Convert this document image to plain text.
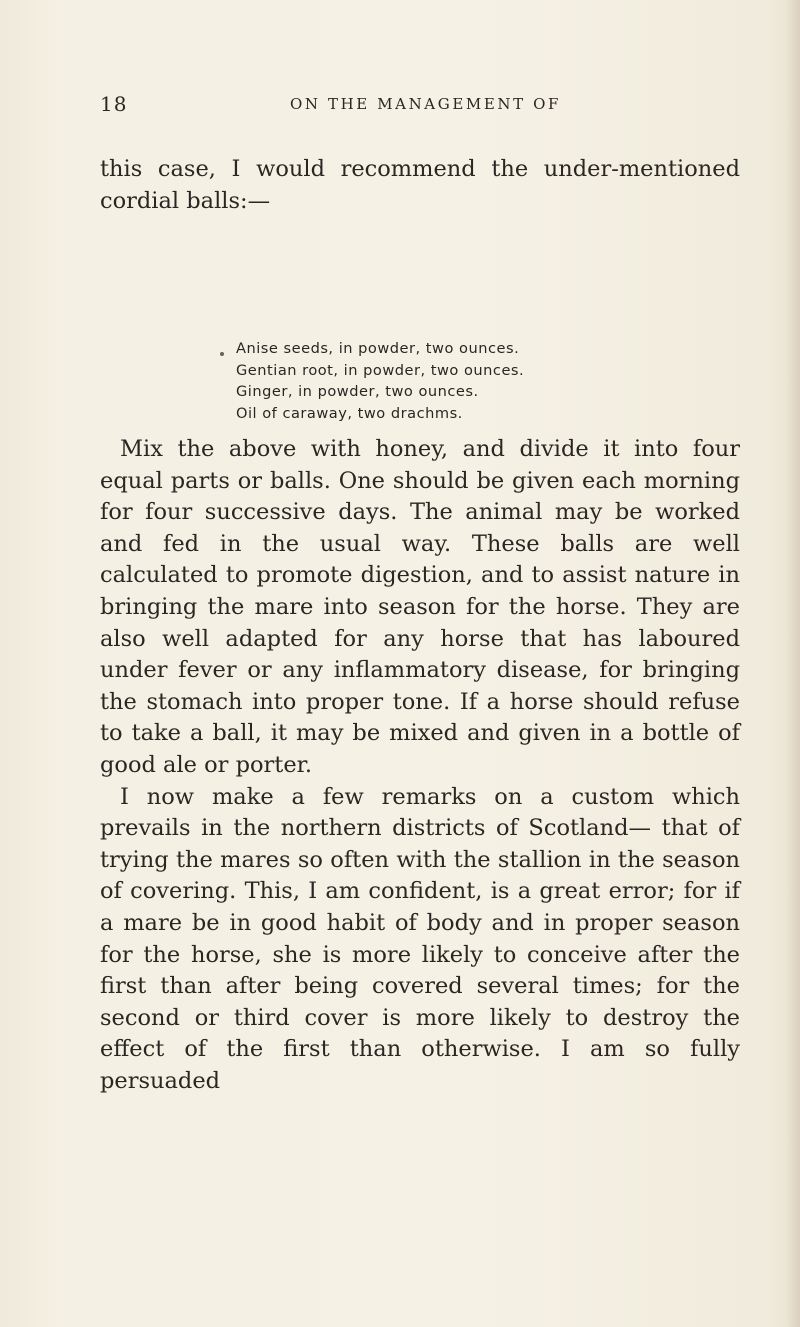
18	ON THE MANAGEMENT OF

this case, I would recommend the under-mentioned cordial balls:—

Anise seeds, in powder, two ounces.
Gentian root, in powder, two ounces.
Ginger, in powder, two ounces.
Oil of caraway, two drachms.

Mix the above with honey, and divide it into four equal parts or balls. One should be given each morning for four successive days. The animal may be worked and fed in the usual way. These balls are well calculated to promote digestion, and to assist nature in bringing the mare into season for the horse. They are also well adapted for any horse that has laboured under fever or any inflammatory disease, for bringing the stomach into proper tone. If a horse should refuse to take a ball, it may be mixed and given in a bottle of good ale or porter.

I now make a few remarks on a custom which prevails in the northern districts of Scotland— that of trying the mares so often with the stallion in the season of covering. This, I am confident, is a great error; for if a mare be in good habit of body and in proper season for the horse, she is more likely to conceive after the first than after being covered several times; for the second or third cover is more likely to destroy the effect of the first than otherwise. I am so fully persuaded
